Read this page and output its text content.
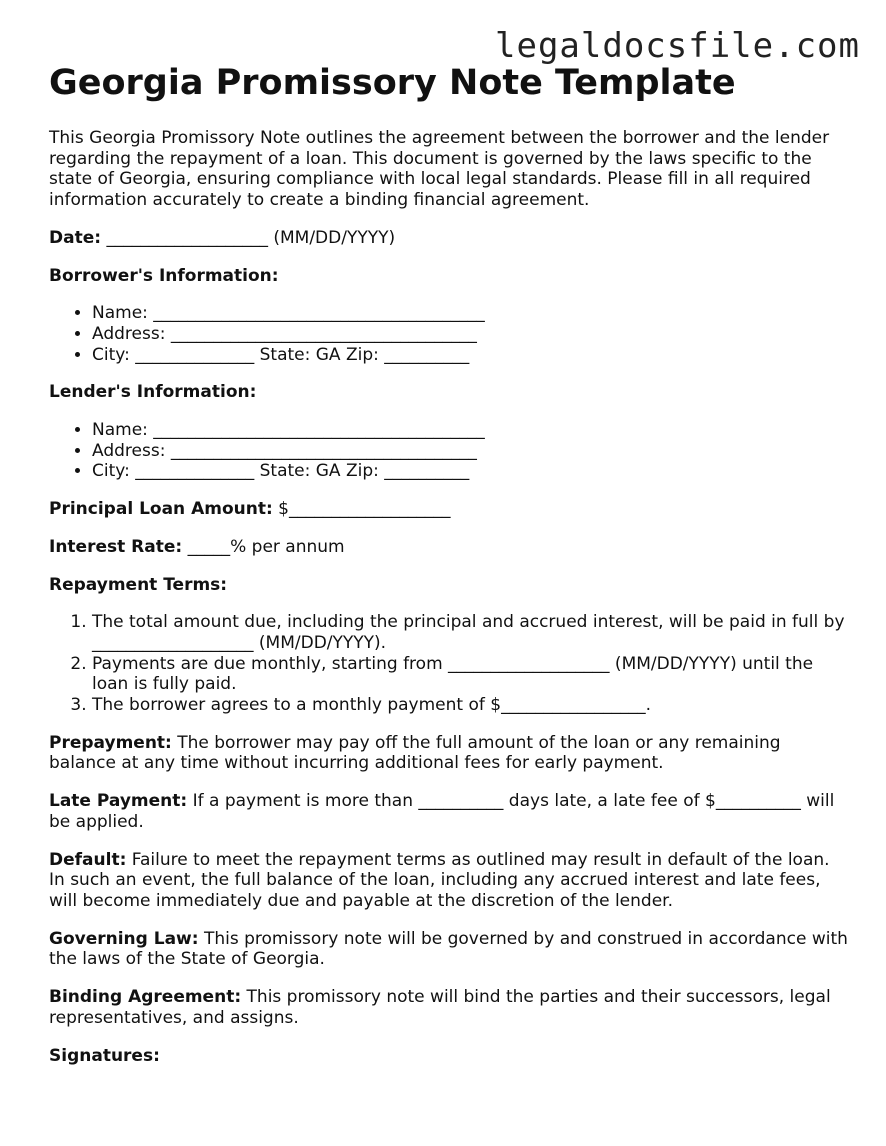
legaldocsfile.com
Georgia Promissory Note Template

This Georgia Promissory Note outlines the agreement between the borrower and the lender regarding the repayment of a loan. This document is governed by the laws specific to the state of Georgia, ensuring compliance with local legal standards. Please fill in all required information accurately to create a binding financial agreement.

Date: ___________________ (MM/DD/YYYY)

Borrower's Information:

• Name: _______________________________________
• Address: ____________________________________
• City: ______________ State: GA Zip: __________

Lender's Information:

• Name: _______________________________________
• Address: ____________________________________
• City: ______________ State: GA Zip: __________

Principal Loan Amount: $___________________

Interest Rate: _____% per annum

Repayment Terms:

1. The total amount due, including the principal and accrued interest, will be paid in full by ___________________ (MM/DD/YYYY).
2. Payments are due monthly, starting from ___________________ (MM/DD/YYYY) until the loan is fully paid.
3. The borrower agrees to a monthly payment of $_________________.

Prepayment: The borrower may pay off the full amount of the loan or any remaining balance at any time without incurring additional fees for early payment.

Late Payment: If a payment is more than __________ days late, a late fee of $__________ will be applied.

Default: Failure to meet the repayment terms as outlined may result in default of the loan. In such an event, the full balance of the loan, including any accrued interest and late fees, will become immediately due and payable at the discretion of the lender.

Governing Law: This promissory note will be governed by and construed in accordance with the laws of the State of Georgia.

Binding Agreement: This promissory note will bind the parties and their successors, legal representatives, and assigns.

Signatures:
